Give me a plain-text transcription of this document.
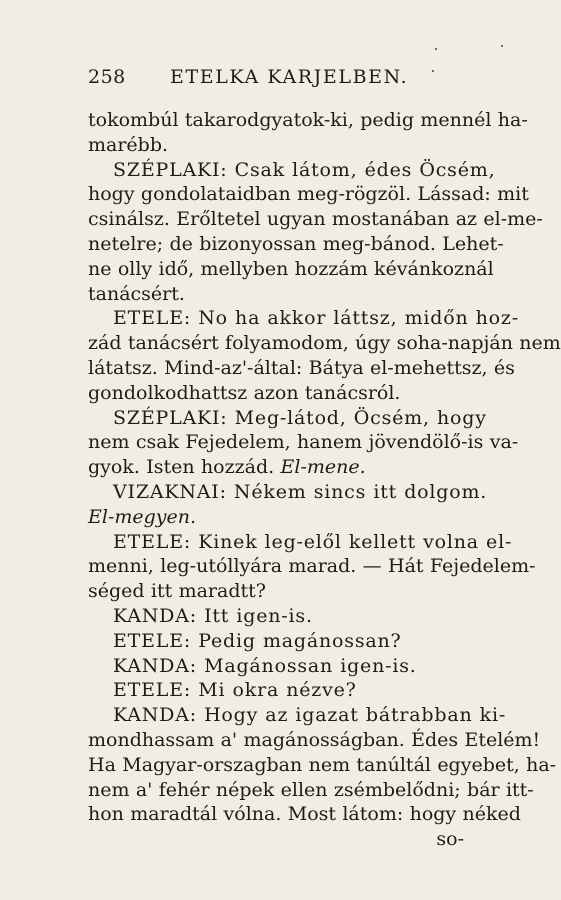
258 ETELKA KARJELBEN.
tokombúl takarodgyatok-ki, pedig mennél ha-
marébb.
SZÉPLAKI: Csak látom, édes Öcsém,
hogy gondolataidban meg-rögzöl. Lássad: mit
csinálsz. Erőltetel ugyan mostanában az el-me-
netelre; de bizonyossan meg-bánod. Lehet-
ne olly idő, mellyben hozzám kévánkoznál
tanácsért.
ETELE: No ha akkor láttsz, midőn hoz-
zád tanácsért folyamodom, úgy soha-napján nem
látatsz. Mind-az'-által: Bátya el-mehettsz, és
gondolkodhattsz azon tanácsról.
SZÉPLAKI: Meg-látod, Öcsém, hogy
nem csak Fejedelem, hanem jövendölő-is va-
gyok. Isten hozzád. El-mene.
VIZAKNAI: Nékem sincs itt dolgom.
El-megyen.
ETELE: Kinek leg-elől kellett volna el-
menni, leg-utóllyára marad. — Hát Fejedelem-
séged itt maradtt?
KANDA: Itt igen-is.
ETELE: Pedig magánossan?
KANDA: Magánossan igen-is.
ETELE: Mi okra nézve?
KANDA: Hogy az igazat bátrabban ki-
mondhassam a' magánosságban. Édes Etelém!
Ha Magyar-orszagban nem tanúltál egyebet, ha-
nem a' fehér népek ellen zsémbelődni; bár itt-
hon maradtál vólna. Most látom: hogy néked
so-
